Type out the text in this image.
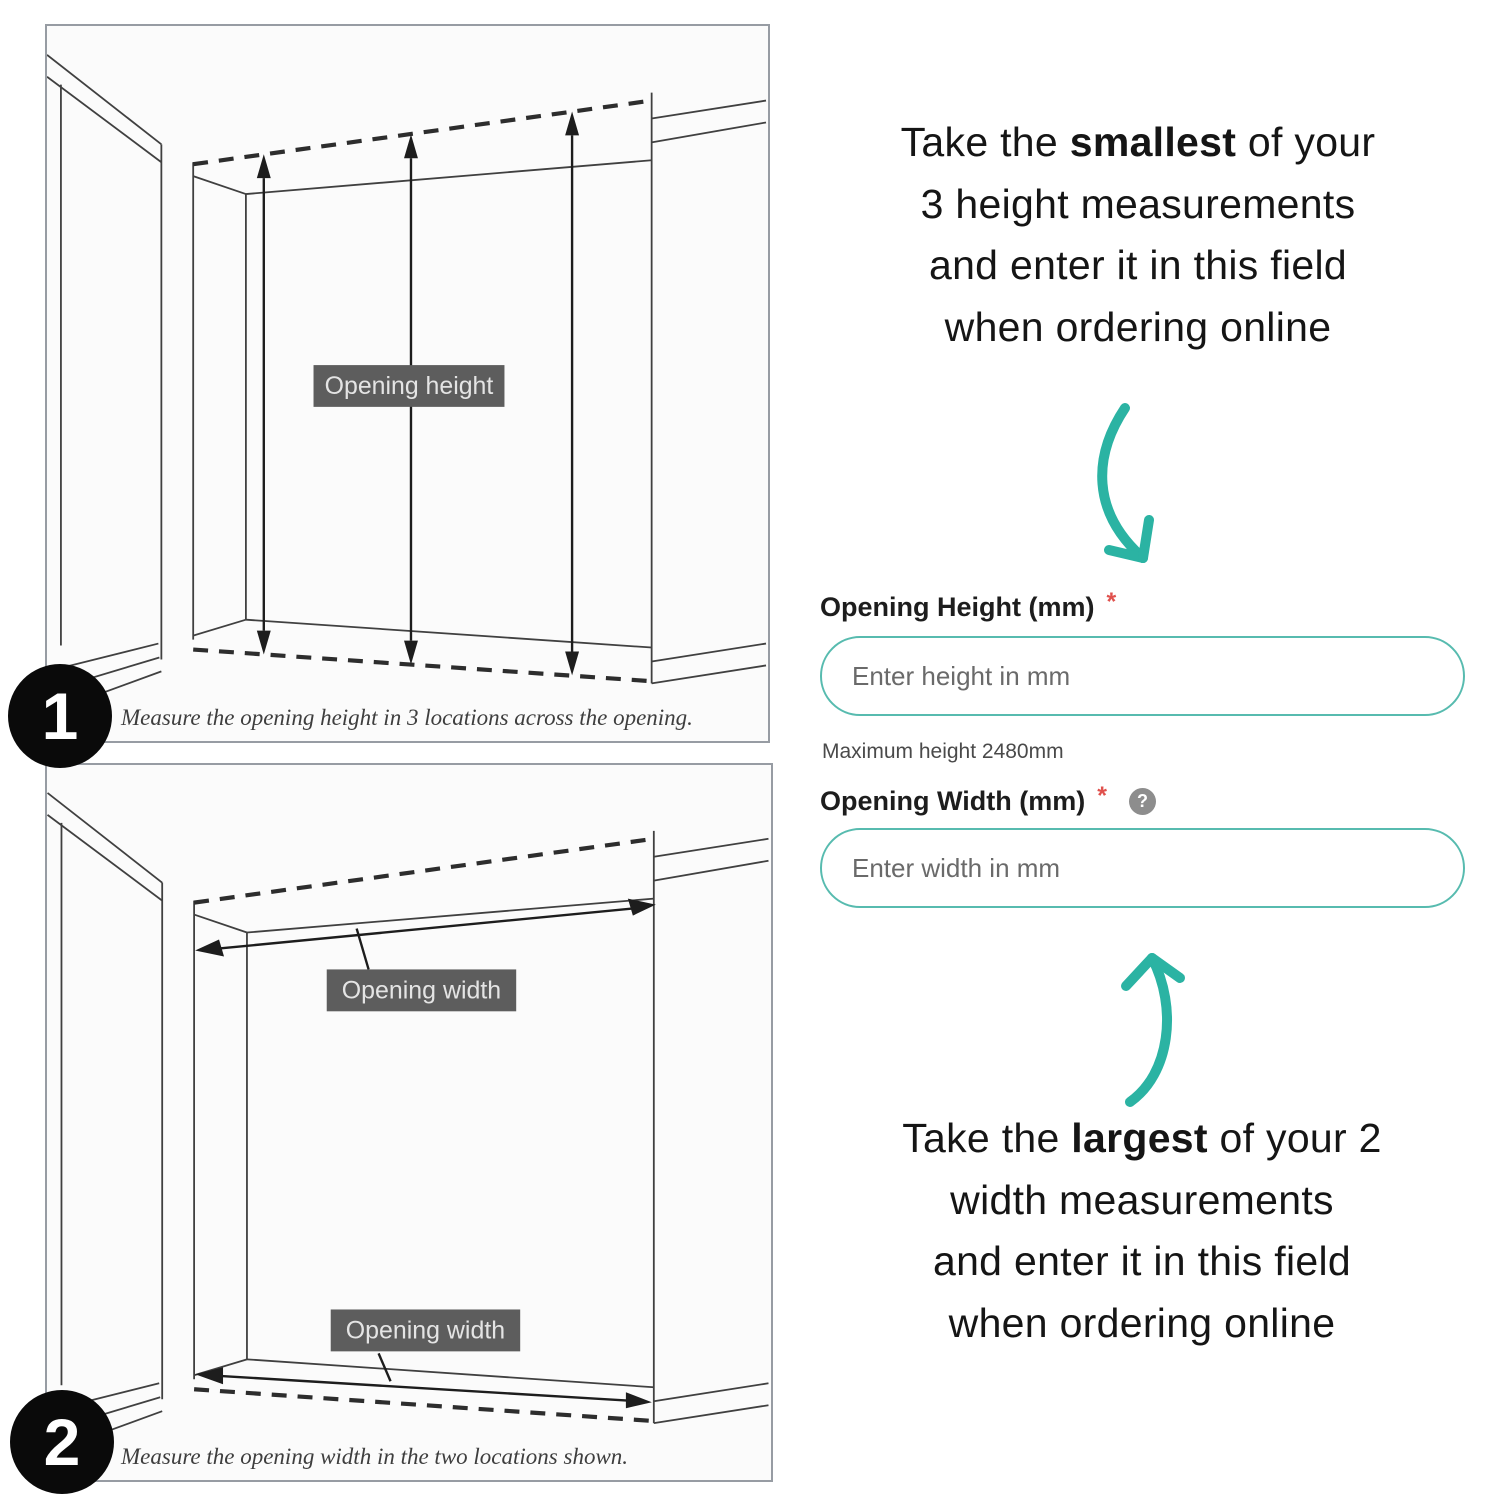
Opening height
Measure the opening height in 3 locations across the opening.
Opening width
Opening width
Measure the opening width in the two locations shown.
1
2
Take the smallest of your
3 height measurements
and enter it in this field
when ordering online
Opening Height (mm) *
Enter height in mm
Maximum height 2480mm
Opening Width (mm) *	?
Enter width in mm
Take the largest of your 2
width measurements
and enter it in this field
when ordering online
